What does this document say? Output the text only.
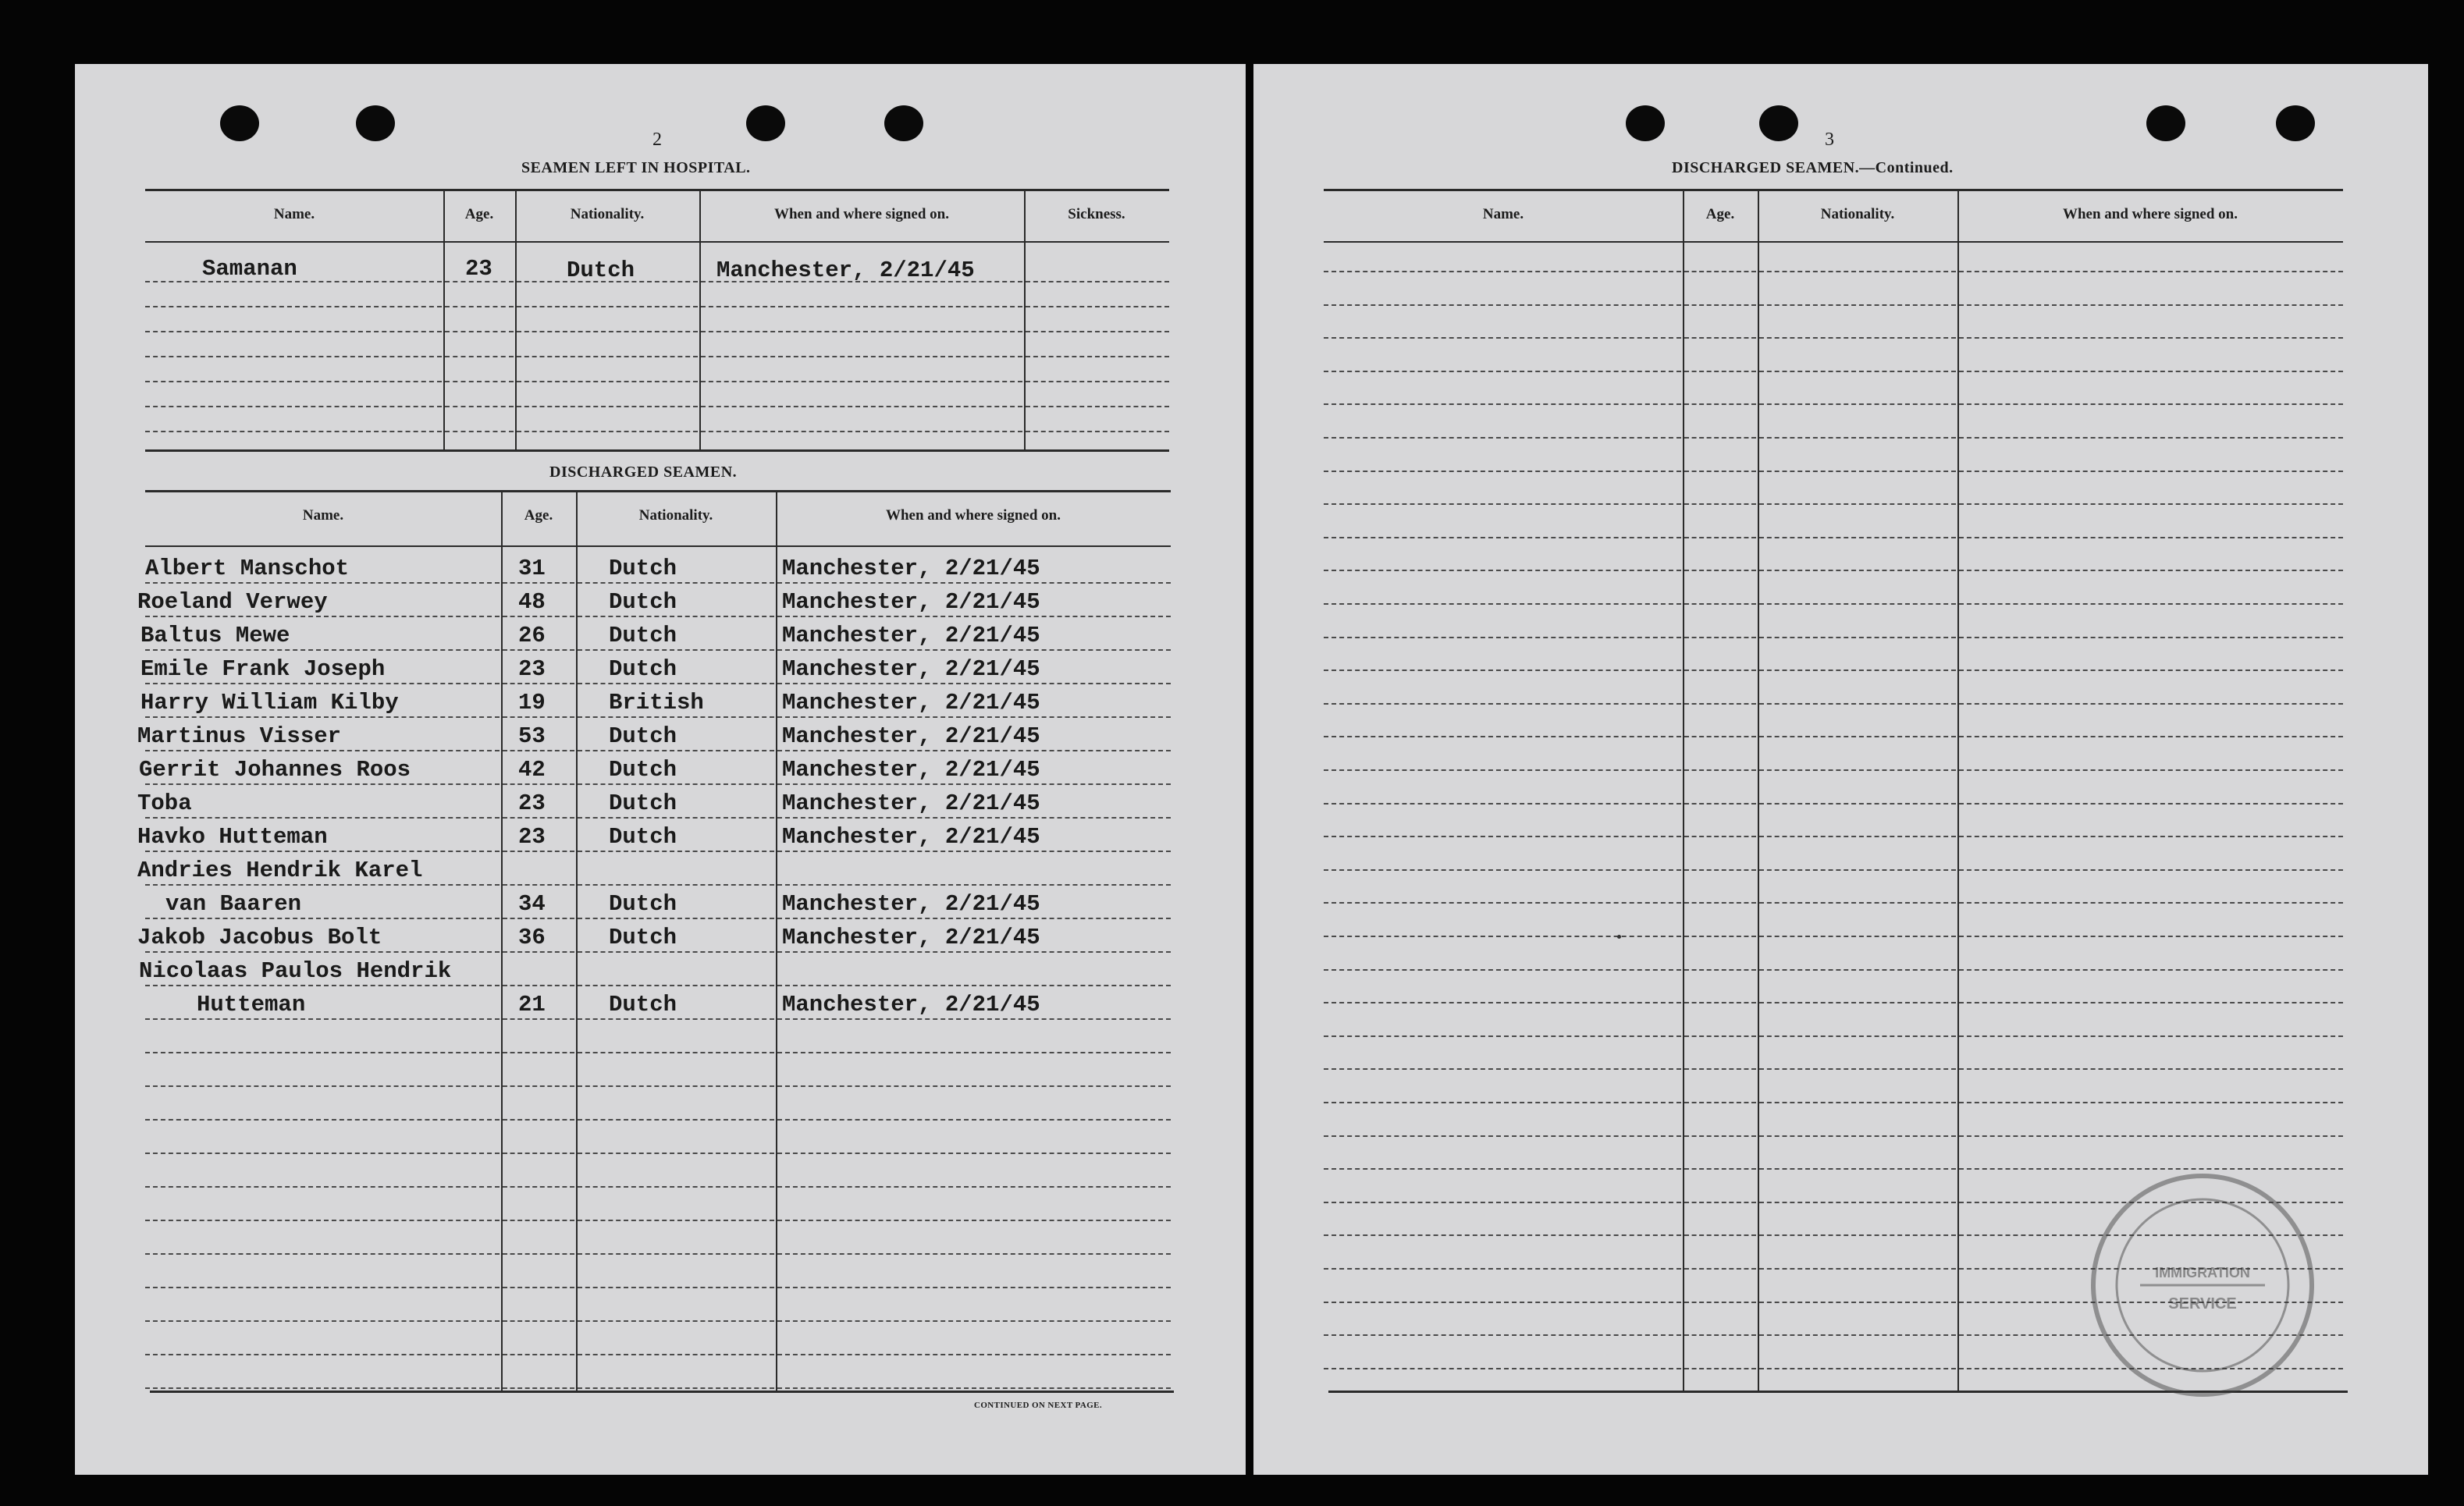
2
SEAMEN LEFT IN HOSPITAL.
Name.	Age.	Nationality.	When and where signed on.	Sickness.
Samanan	23	Dutch	Manchester, 2/21/45
DISCHARGED SEAMEN.
Name.	Age.	Nationality.	When and where signed on.
Albert Manschot	31	Dutch	Manchester, 2/21/45
Roeland Verwey	48	Dutch	Manchester, 2/21/45
Baltus Mewe	26	Dutch	Manchester, 2/21/45
Emile Frank Joseph	23	Dutch	Manchester, 2/21/45
Harry William Kilby	19	British	Manchester, 2/21/45
Martinus Visser	53	Dutch	Manchester, 2/21/45
Gerrit Johannes Roos	42	Dutch	Manchester, 2/21/45
Toba	23	Dutch	Manchester, 2/21/45
Havko Hutteman	23	Dutch	Manchester, 2/21/45
Andries Hendrik Karel
van Baaren	34	Dutch	Manchester, 2/21/45
Jakob Jacobus Bolt	36	Dutch	Manchester, 2/21/45
Nicolaas Paulos Hendrik
Hutteman	21	Dutch	Manchester, 2/21/45
CONTINUED ON NEXT PAGE.
3
DISCHARGED SEAMEN.—Continued.
Name.	Age.	Nationality.	When and where signed on.
IMMIGRATION
SERVICE
